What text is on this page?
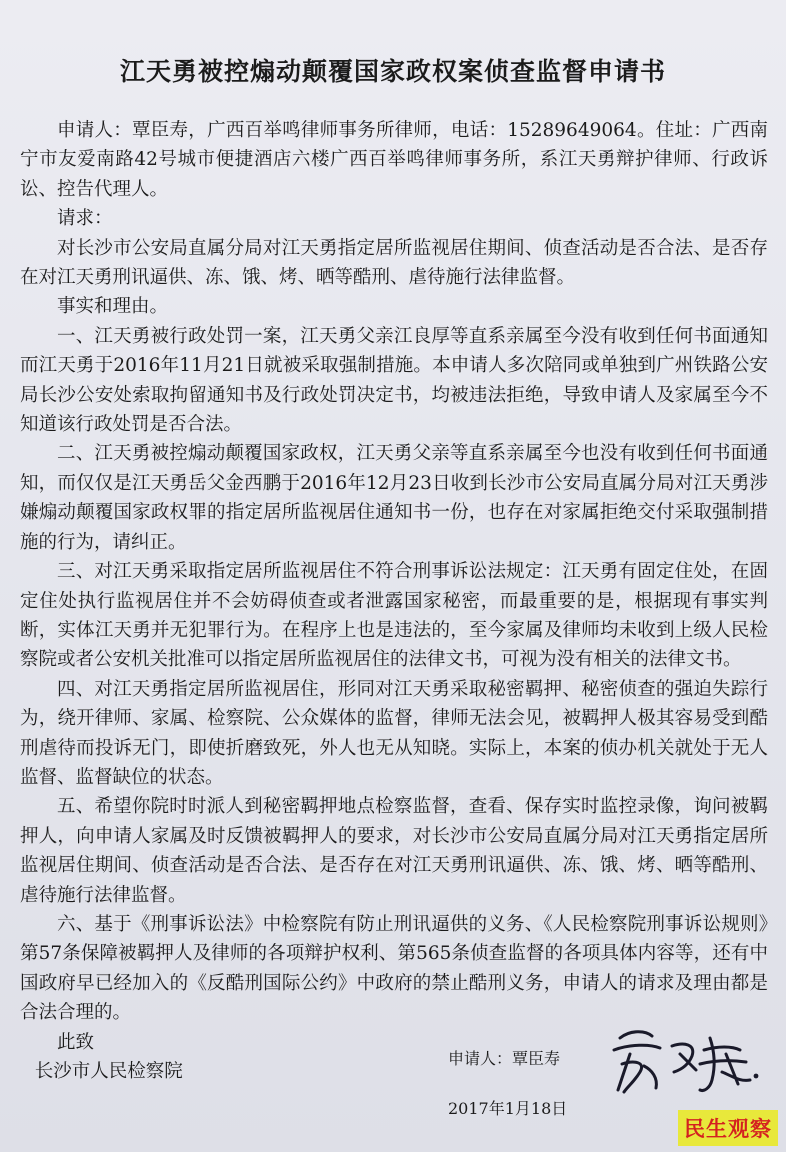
江天勇被控煽动颠覆国家政权案侦查监督申请书

申请人：覃臣寿，广西百举鸣律师事务所律师，电话：15289649064。住址：广西南宁市友爱南路42号城市便捷酒店六楼广西百举鸣律师事务所，系江天勇辩护律师、行政诉讼、控告代理人。

请求：

对长沙市公安局直属分局对江天勇指定居所监视居住期间、侦查活动是否合法、是否存在对江天勇刑讯逼供、冻、饿、烤、晒等酷刑、虐待施行法律监督。

事实和理由。

一、江天勇被行政处罚一案，江天勇父亲江良厚等直系亲属至今没有收到任何书面通知而江天勇于2016年11月21日就被采取强制措施。本申请人多次陪同或单独到广州铁路公安局长沙公安处索取拘留通知书及行政处罚决定书，均被违法拒绝，导致申请人及家属至今不知道该行政处罚是否合法。

二、江天勇被控煽动颠覆国家政权，江天勇父亲等直系亲属至今也没有收到任何书面通知，而仅仅是江天勇岳父金西鹏于2016年12月23日收到长沙市公安局直属分局对江天勇涉嫌煽动颠覆国家政权罪的指定居所监视居住通知书一份，也存在对家属拒绝交付采取强制措施的行为，请纠正。

三、对江天勇采取指定居所监视居住不符合刑事诉讼法规定：江天勇有固定住处，在固定住处执行监视居住并不会妨碍侦查或者泄露国家秘密，而最重要的是，根据现有事实判断，实体江天勇并无犯罪行为。在程序上也是违法的，至今家属及律师均未收到上级人民检察院或者公安机关批准可以指定居所监视居住的法律文书，可视为没有相关的法律文书。

四、对江天勇指定居所监视居住，形同对江天勇采取秘密羁押、秘密侦查的强迫失踪行为，绕开律师、家属、检察院、公众媒体的监督，律师无法会见，被羁押人极其容易受到酷刑虐待而投诉无门，即使折磨致死，外人也无从知晓。实际上，本案的侦办机关就处于无人监督、监督缺位的状态。

五、希望你院时时派人到秘密羁押地点检察监督，查看、保存实时监控录像，询问被羁押人，向申请人家属及时反馈被羁押人的要求，对长沙市公安局直属分局对江天勇指定居所监视居住期间、侦查活动是否合法、是否存在对江天勇刑讯逼供、冻、饿、烤、晒等酷刑、虐待施行法律监督。

六、基于《刑事诉讼法》中检察院有防止刑讯逼供的义务、《人民检察院刑事诉讼规则》第57条保障被羁押人及律师的各项辩护权利、第565条侦查监督的各项具体内容等，还有中国政府早已经加入的《反酷刑国际公约》中政府的禁止酷刑义务，申请人的请求及理由都是合法合理的。

此致

长沙市人民检察院

申请人：覃臣寿
2017年1月18日
民生观察
